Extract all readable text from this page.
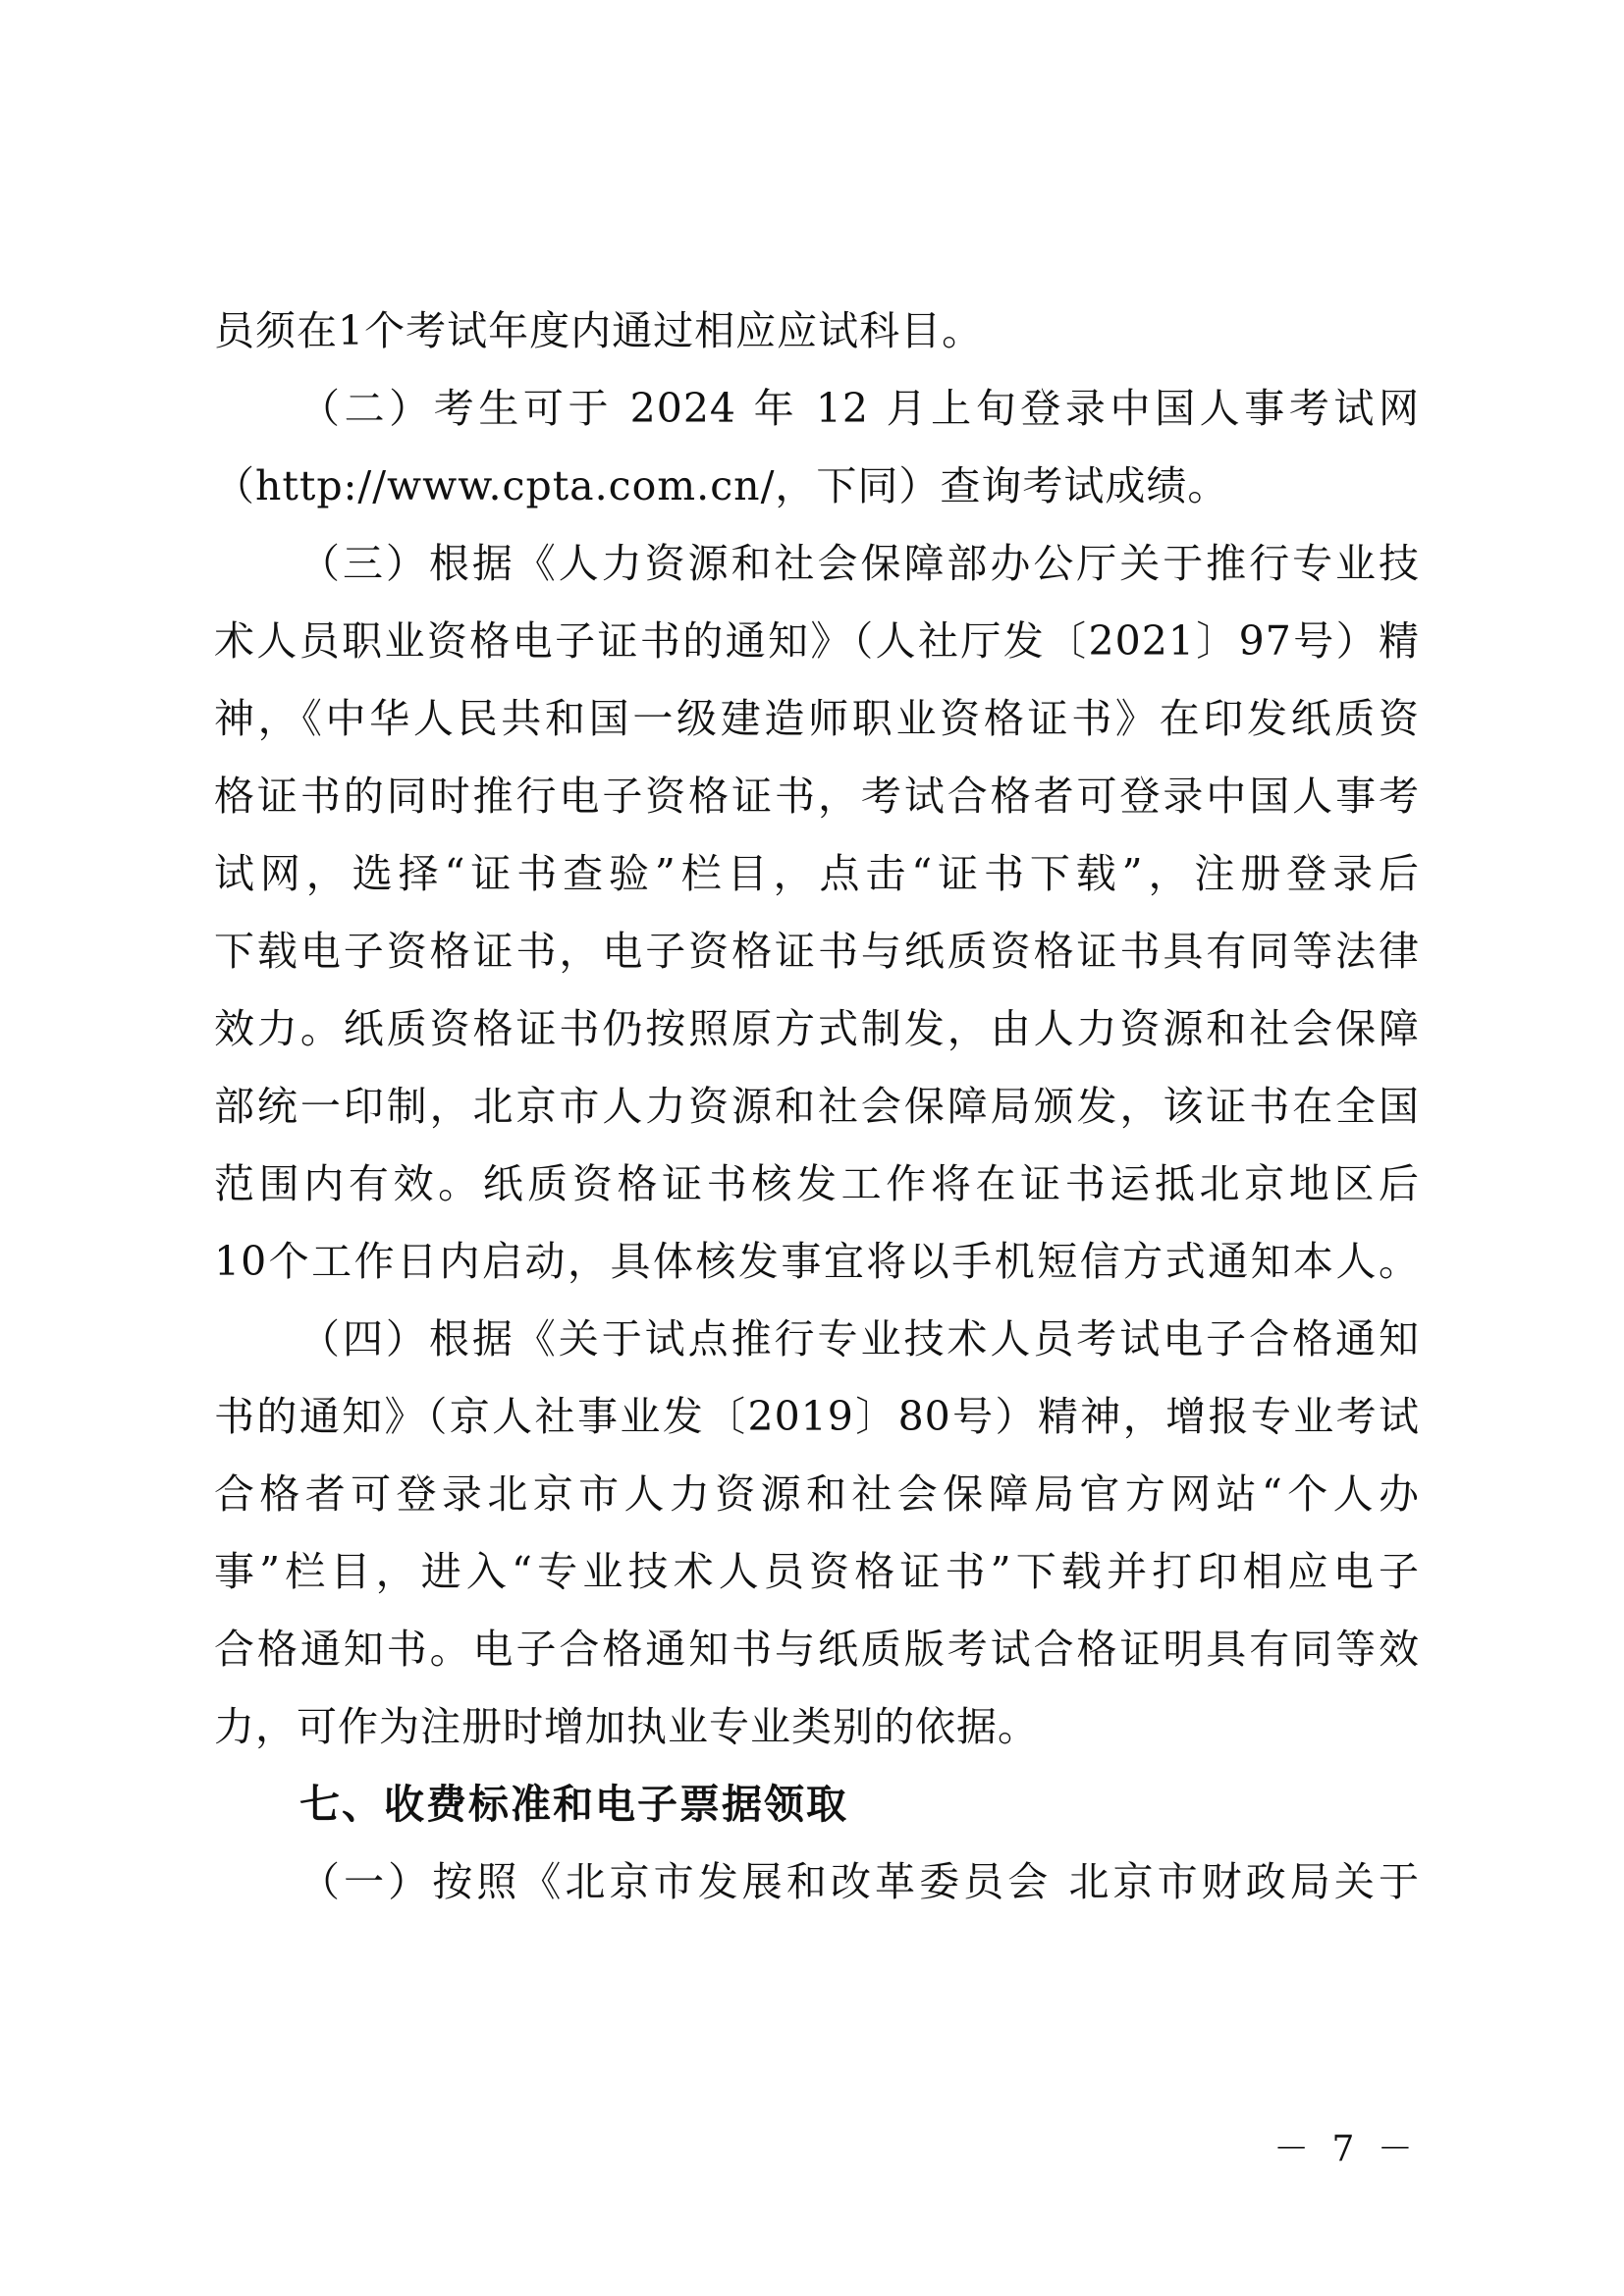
员须在1个考试年度内通过相应应试科目。
（二）考生可于 2024 年 12 月上旬登录中国人事考试网
（http://www.cpta.com.cn/，下同）查询考试成绩。
（三）根据《人力资源和社会保障部办公厅关于推行专业技
术人员职业资格电子证书的通知》（人社厅发〔2021〕97号）精
神，《中华人民共和国一级建造师职业资格证书》在印发纸质资
格证书的同时推行电子资格证书，考试合格者可登录中国人事考
试网，选择“证书查验”栏目，点击“证书下载”，注册登录后
下载电子资格证书，电子资格证书与纸质资格证书具有同等法律
效力。纸质资格证书仍按照原方式制发，由人力资源和社会保障
部统一印制，北京市人力资源和社会保障局颁发，该证书在全国
范围内有效。纸质资格证书核发工作将在证书运抵北京地区后
10个工作日内启动，具体核发事宜将以手机短信方式通知本人。
（四）根据《关于试点推行专业技术人员考试电子合格通知
书的通知》（京人社事业发〔2019〕80号）精神，增报专业考试
合格者可登录北京市人力资源和社会保障局官方网站“个人办
事”栏目，进入“专业技术人员资格证书”下载并打印相应电子
合格通知书。电子合格通知书与纸质版考试合格证明具有同等效
力，可作为注册时增加执业专业类别的依据。
七、收费标准和电子票据领取
（一）按照《北京市发展和改革委员会 北京市财政局关于
－ 7 －
